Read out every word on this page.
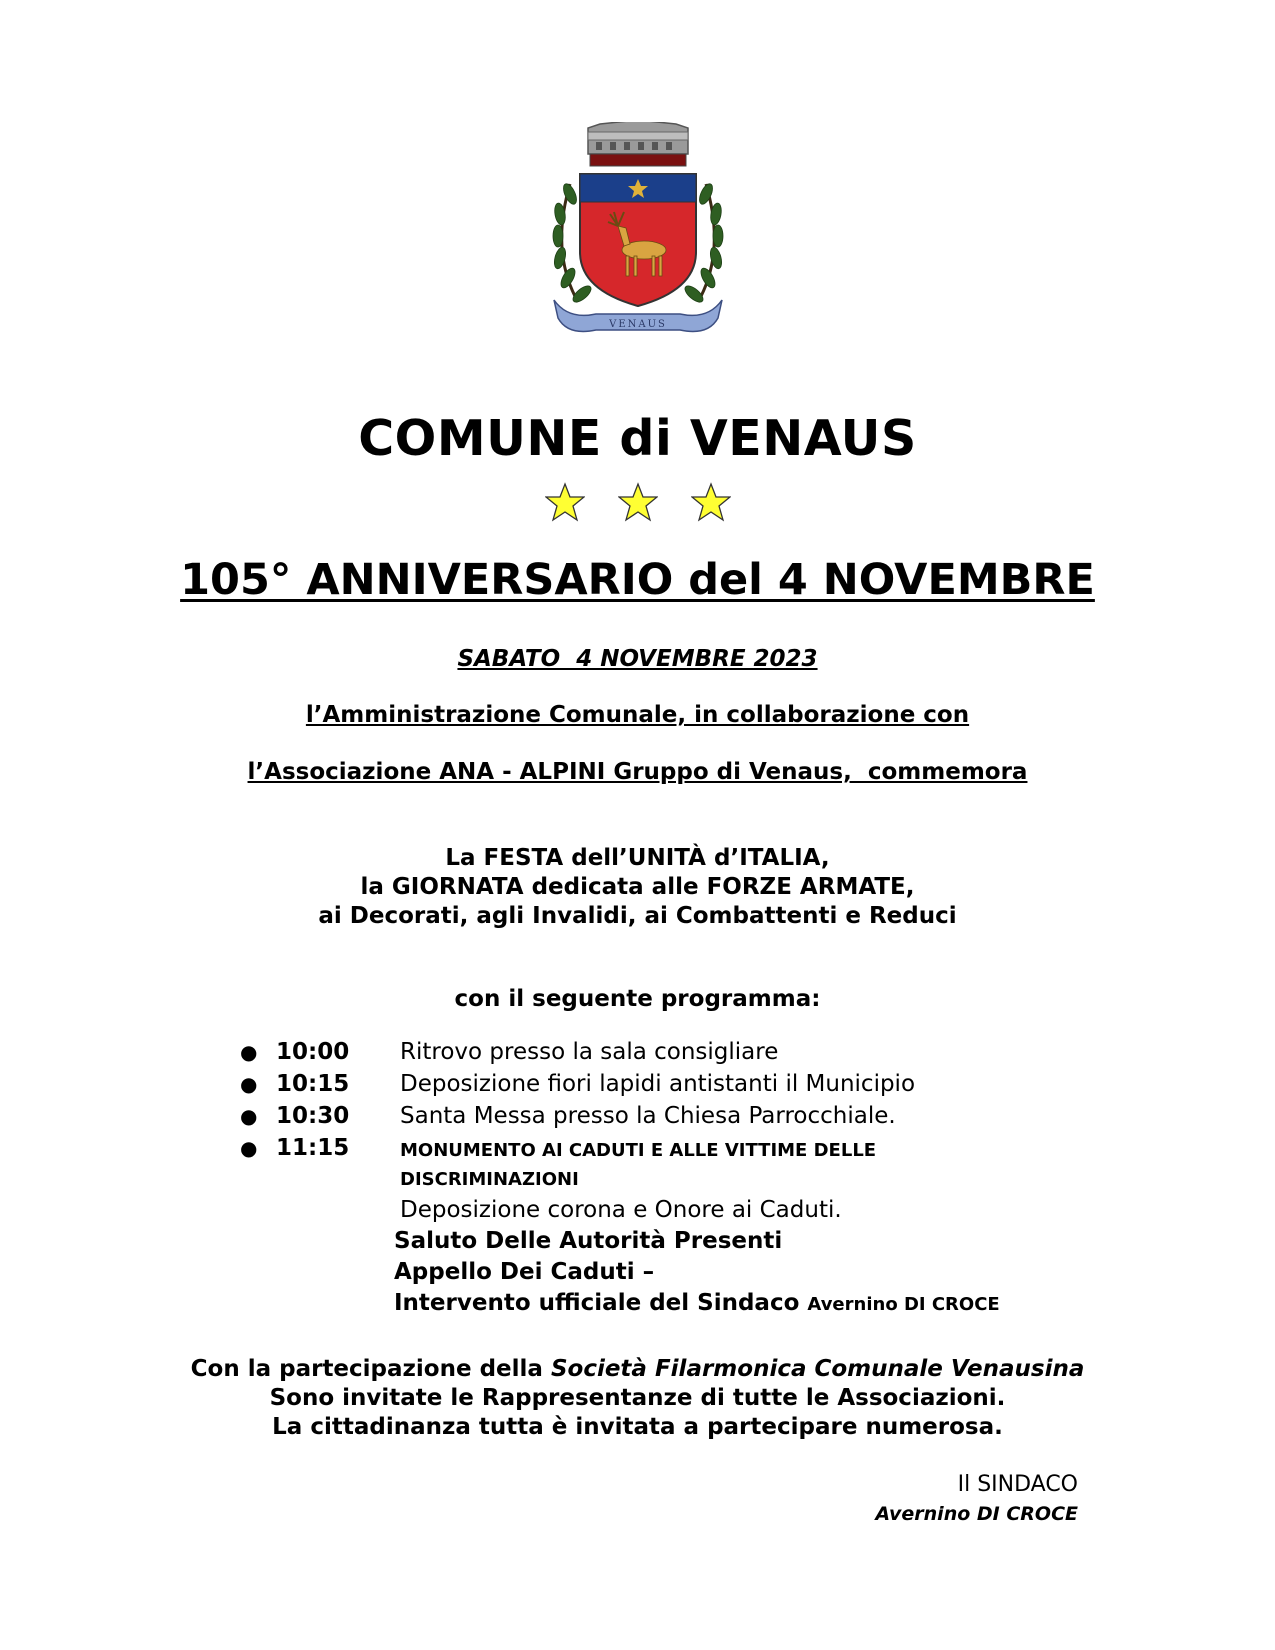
VENAUS
COMUNE di VENAUS
105° ANNIVERSARIO del 4 NOVEMBRE
SABATO  4 NOVEMBRE 2023
l’Amministrazione Comunale, in collaborazione con
l’Associazione ANA - ALPINI Gruppo di Venaus,  commemora
La FESTA dell’UNITÀ d’ITALIA,
la GIORNATA dedicata alle FORZE ARMATE,
ai Decorati, agli Invalidi, ai Combattenti e Reduci
con il seguente programma:
● 10:00 Ritrovo presso la sala consigliare
● 10:15 Deposizione fiori lapidi antistanti il Municipio
● 10:30 Santa Messa presso la Chiesa Parrocchiale.
● 11:15	MONUMENTO AI CADUTI E ALLE VITTIME DELLE DISCRIMINAZIONI
Deposizione corona e Onore ai Caduti.
Saluto Delle Autorità Presenti
Appello Dei Caduti –
Intervento ufficiale del Sindaco Avernino DI CROCE
Con la partecipazione della Società Filarmonica Comunale Venausina
Sono invitate le Rappresentanze di tutte le Associazioni.
La cittadinanza tutta è invitata a partecipare numerosa.
Il SINDACO
Avernino DI CROCE
